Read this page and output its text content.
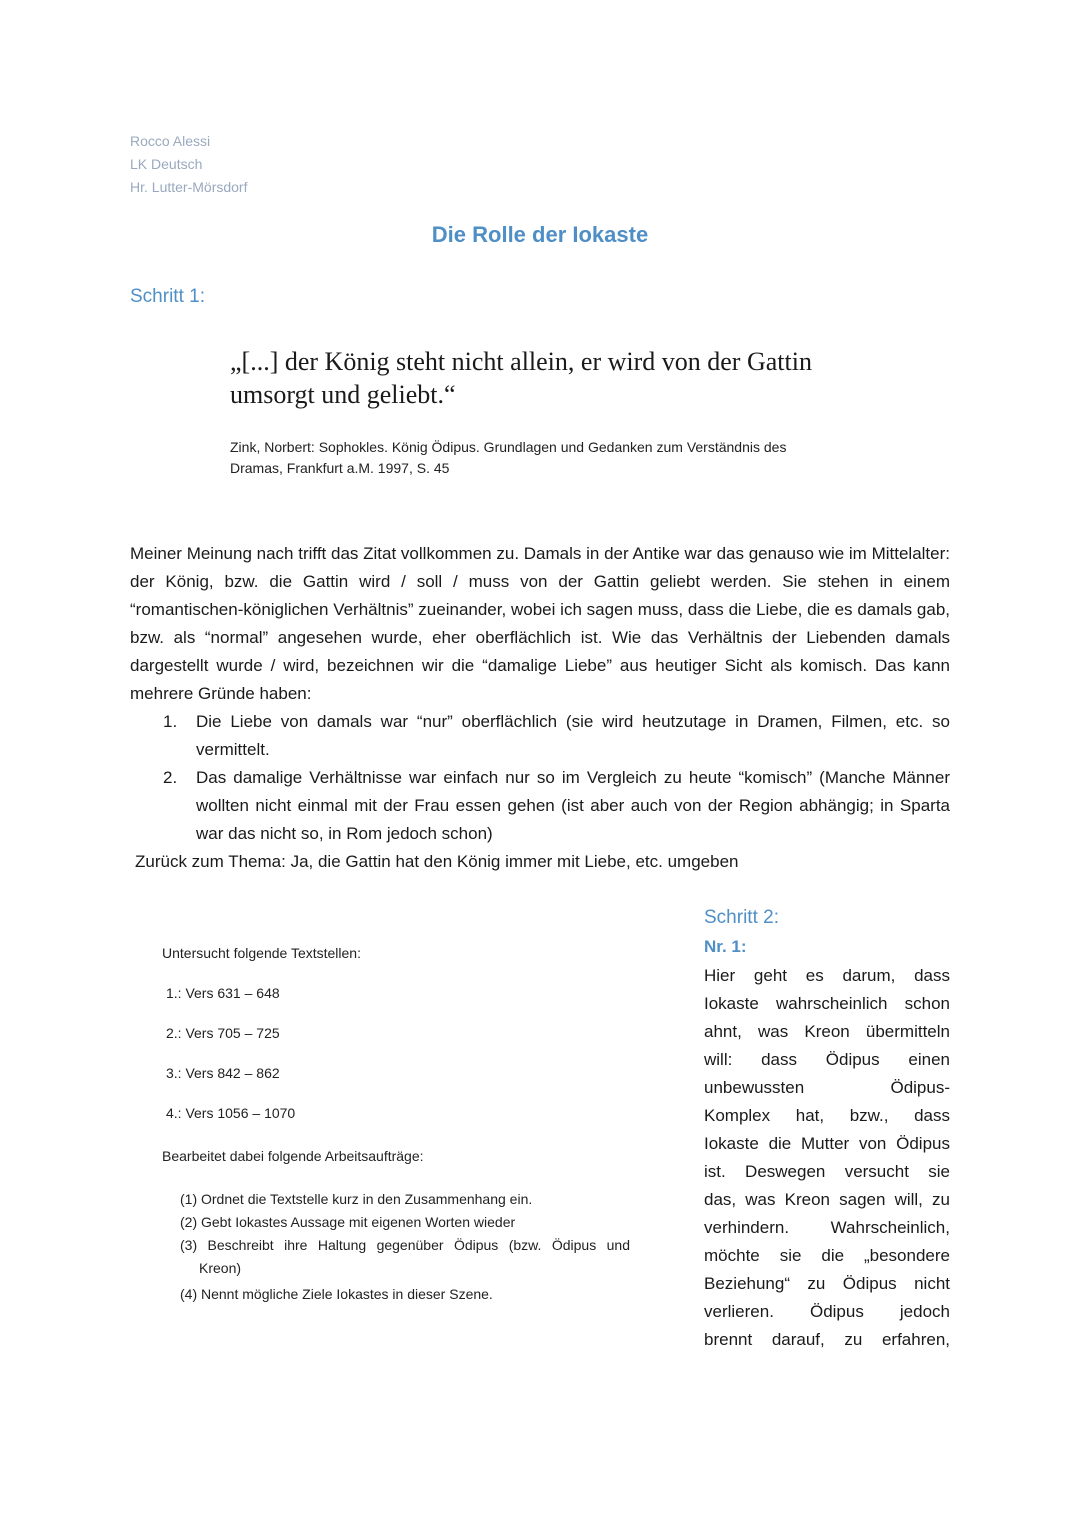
Rocco Alessi
LK Deutsch
Hr. Lutter-Mörsdorf
Die Rolle der Iokaste
Schritt 1:
„[...] der König steht nicht allein, er wird von der Gattin
umsorgt und geliebt.“
Zink, Norbert: Sophokles. König Ödipus. Grundlagen und Gedanken zum Verständnis des
Dramas, Frankfurt a.M. 1997, S. 45

Meiner Meinung nach trifft das Zitat vollkommen zu. Damals in der Antike war das genauso wie im Mittelalter: der König, bzw. die Gattin wird / soll / muss von der Gattin geliebt werden. Sie stehen in einem “romantischen-königlichen Verhältnis” zueinander, wobei ich sagen muss, dass die Liebe, die es damals gab, bzw. als “normal” angesehen wurde, eher oberflächlich ist. Wie das Verhältnis der Liebenden damals dargestellt wurde / wird, bezeichnen wir die “damalige Liebe” aus heutiger Sicht als komisch. Das kann mehrere Gründe haben:

1. Die Liebe von damals war “nur” oberflächlich (sie wird heutzutage in Dramen, Filmen, etc. so vermittelt.
2. Das damalige Verhältnisse war einfach nur so im Vergleich zu heute “komisch” (Manche Männer wollten nicht einmal mit der Frau essen gehen (ist aber auch von der Region abhängig; in Sparta war das nicht so, in Rom jedoch schon)
Zurück zum Thema: Ja, die Gattin hat den König immer mit Liebe, etc. umgeben
Untersucht folgende Textstellen:
1.: Vers 631 – 648
2.: Vers 705 – 725
3.: Vers 842 – 862
4.: Vers 1056 – 1070
Bearbeitet dabei folgende Arbeitsaufträge:
(1) Ordnet die Textstelle kurz in den Zusammenhang ein.
(2) Gebt Iokastes Aussage mit eigenen Worten wieder
(3) Beschreibt ihre Haltung gegenüber Ödipus (bzw. Ödipus und
Kreon)
(4) Nennt mögliche Ziele Iokastes in dieser Szene.
Schritt 2:
Nr. 1:
Hier geht es darum, dass
Iokaste wahrscheinlich schon
ahnt, was Kreon übermitteln
will: dass Ödipus einen
unbewussten Ödipus-
Komplex hat, bzw., dass
Iokaste die Mutter von Ödipus
ist. Deswegen versucht sie
das, was Kreon sagen will, zu
verhindern. Wahrscheinlich,
möchte sie die „besondere
Beziehung“ zu Ödipus nicht
verlieren. Ödipus jedoch
brennt darauf, zu erfahren,
